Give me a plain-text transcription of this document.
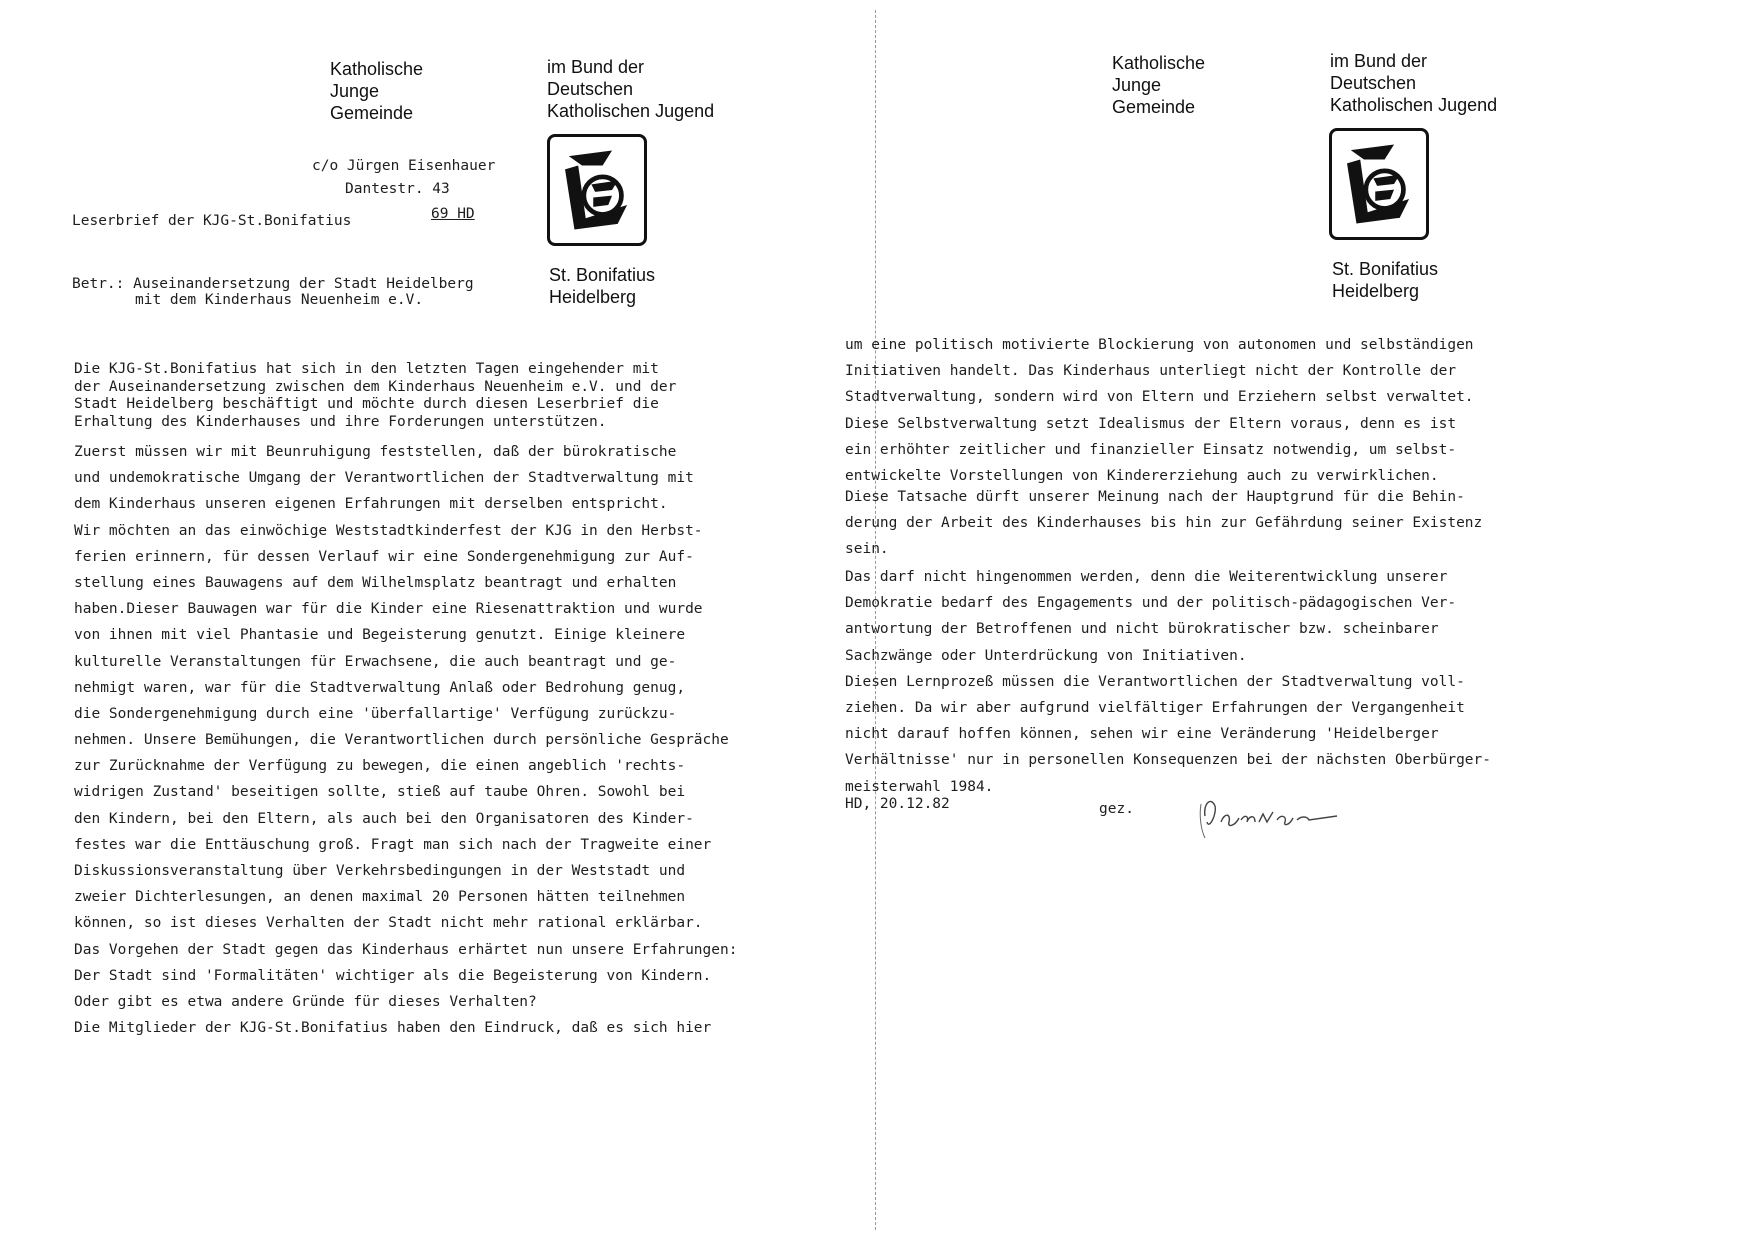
Katholische
Junge
Gemeinde
im Bund der
Deutschen
Katholischen Jugend
St. Bonifatius
Heidelberg
c/o Jürgen Eisenhauer
Dantestr. 43
69 HD
Leserbrief der KJG-St.Bonifatius
Betr.: Auseinandersetzung der Stadt Heidelberg
mit dem Kinderhaus Neuenheim e.V.
Die KJG-St.Bonifatius hat sich in den letzten Tagen eingehender mit
der Auseinandersetzung zwischen dem Kinderhaus Neuenheim e.V. und der
Stadt Heidelberg beschäftigt und möchte durch diesen Leserbrief die
Erhaltung des Kinderhauses und ihre Forderungen unterstützen.
Zuerst müssen wir mit Beunruhigung feststellen, daß der bürokratische
und undemokratische Umgang der Verantwortlichen der Stadtverwaltung mit
dem Kinderhaus unseren eigenen Erfahrungen mit derselben entspricht.
Wir möchten an das einwöchige Weststadtkinderfest der KJG in den Herbst-
ferien erinnern, für dessen Verlauf wir eine Sondergenehmigung zur Auf-
stellung eines Bauwagens auf dem Wilhelmsplatz beantragt und erhalten
haben.Dieser Bauwagen war für die Kinder eine Riesenattraktion und wurde
von ihnen mit viel Phantasie und Begeisterung genutzt. Einige kleinere
kulturelle Veranstaltungen für Erwachsene, die auch beantragt und ge-
nehmigt waren, war für die Stadtverwaltung Anlaß oder Bedrohung genug,
die Sondergenehmigung durch eine 'überfallartige' Verfügung zurückzu-
nehmen. Unsere Bemühungen, die Verantwortlichen durch persönliche Gespräche
zur Zurücknahme der Verfügung zu bewegen, die einen angeblich 'rechts-
widrigen Zustand' beseitigen sollte, stieß auf taube Ohren. Sowohl bei
den Kindern, bei den Eltern, als auch bei den Organisatoren des Kinder-
festes war die Enttäuschung groß. Fragt man sich nach der Tragweite einer
Diskussionsveranstaltung über Verkehrsbedingungen in der Weststadt und
zweier Dichterlesungen, an denen maximal 20 Personen hätten teilnehmen
können, so ist dieses Verhalten der Stadt nicht mehr rational erklärbar.
Das Vorgehen der Stadt gegen das Kinderhaus erhärtet nun unsere Erfahrungen:
Der Stadt sind 'Formalitäten' wichtiger als die Begeisterung von Kindern.
Oder gibt es etwa andere Gründe für dieses Verhalten?
Die Mitglieder der KJG-St.Bonifatius haben den Eindruck, daß es sich hier
Katholische
Junge
Gemeinde
im Bund der
Deutschen
Katholischen Jugend
St. Bonifatius
Heidelberg
um eine politisch motivierte Blockierung von autonomen und selbständigen
Initiativen handelt. Das Kinderhaus unterliegt nicht der Kontrolle der
Stadtverwaltung, sondern wird von Eltern und Erziehern selbst verwaltet.
Diese Selbstverwaltung setzt Idealismus der Eltern voraus, denn es ist
ein erhöhter zeitlicher und finanzieller Einsatz notwendig, um selbst-
entwickelte Vorstellungen von Kindererziehung auch zu verwirklichen.
Diese Tatsache dürft unserer Meinung nach der Hauptgrund für die Behin-
derung der Arbeit des Kinderhauses bis hin zur Gefährdung seiner Existenz
sein.
Das darf nicht hingenommen werden, denn die Weiterentwicklung unserer
Demokratie bedarf des Engagements und der politisch-pädagogischen Ver-
antwortung der Betroffenen und nicht bürokratischer bzw. scheinbarer
Sachzwänge oder Unterdrückung von Initiativen.
Diesen Lernprozeß müssen die Verantwortlichen der Stadtverwaltung voll-
ziehen. Da wir aber aufgrund vielfältiger Erfahrungen der Vergangenheit
nicht darauf hoffen können, sehen wir eine Veränderung 'Heidelberger
Verhältnisse' nur in personellen Konsequenzen bei der nächsten Oberbürger-
meisterwahl 1984.
HD, 20.12.82	gez.
